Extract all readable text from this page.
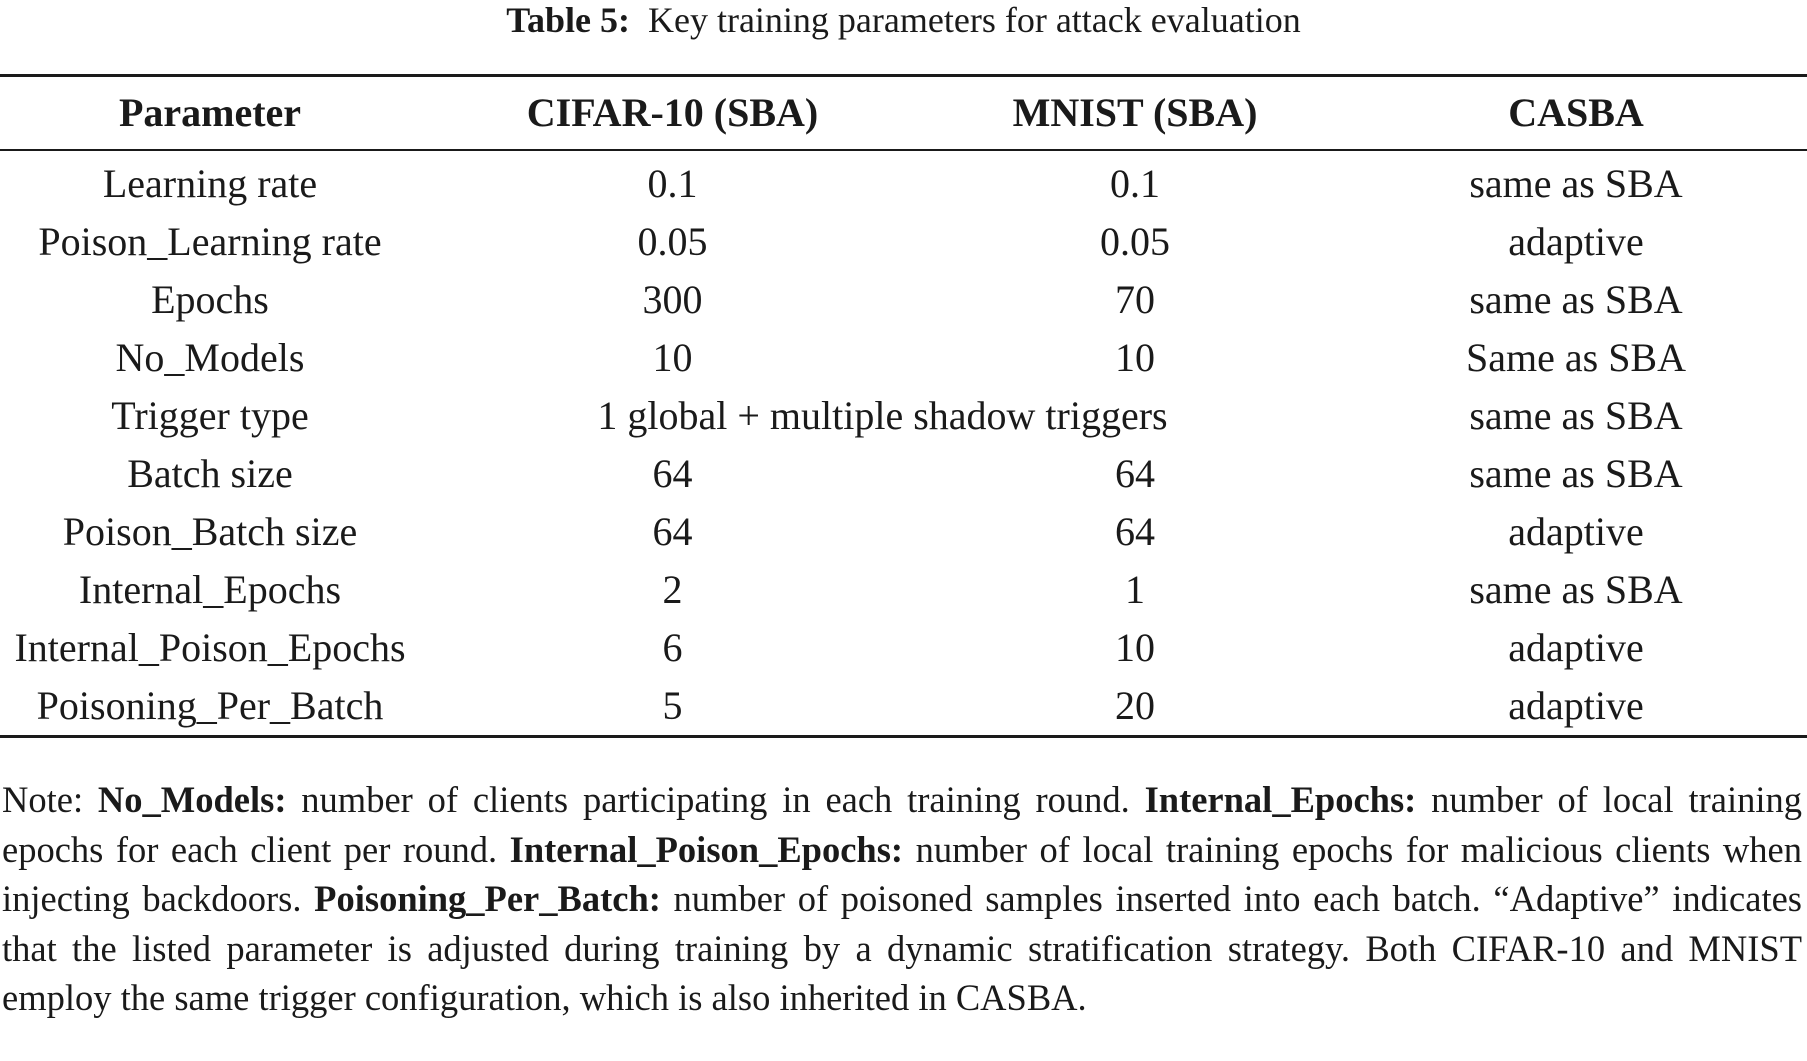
Table 5: Key training parameters for attack evaluation
Parameter	CIFAR-10 (SBA)	MNIST (SBA)	CASBA
Learning rate	0.1	0.1	same as SBA
Poison_Learning rate	0.05	0.05	adaptive
Epochs	300	70	same as SBA
No_Models	10	10	Same as SBA
Trigger type	1 global + multiple shadow triggers		same as SBA
Batch size	64	64	same as SBA
Poison_Batch size	64	64	adaptive
Internal_Epochs	2	1	same as SBA
Internal_Poison_Epochs	6	10	adaptive
Poisoning_Per_Batch	5	20	adaptive
Note: No_Models: number of clients participating in each training round. Internal_Epochs: number of local training epochs for each client per round. Internal_Poison_Epochs: number of local training epochs for malicious clients when injecting backdoors. Poisoning_Per_Batch: number of poisoned samples inserted into each batch. “Adaptive” indicates that the listed parameter is adjusted during training by a dynamic stratification strategy. Both CIFAR-10 and MNIST employ the same trigger configuration, which is also inherited in CASBA.
